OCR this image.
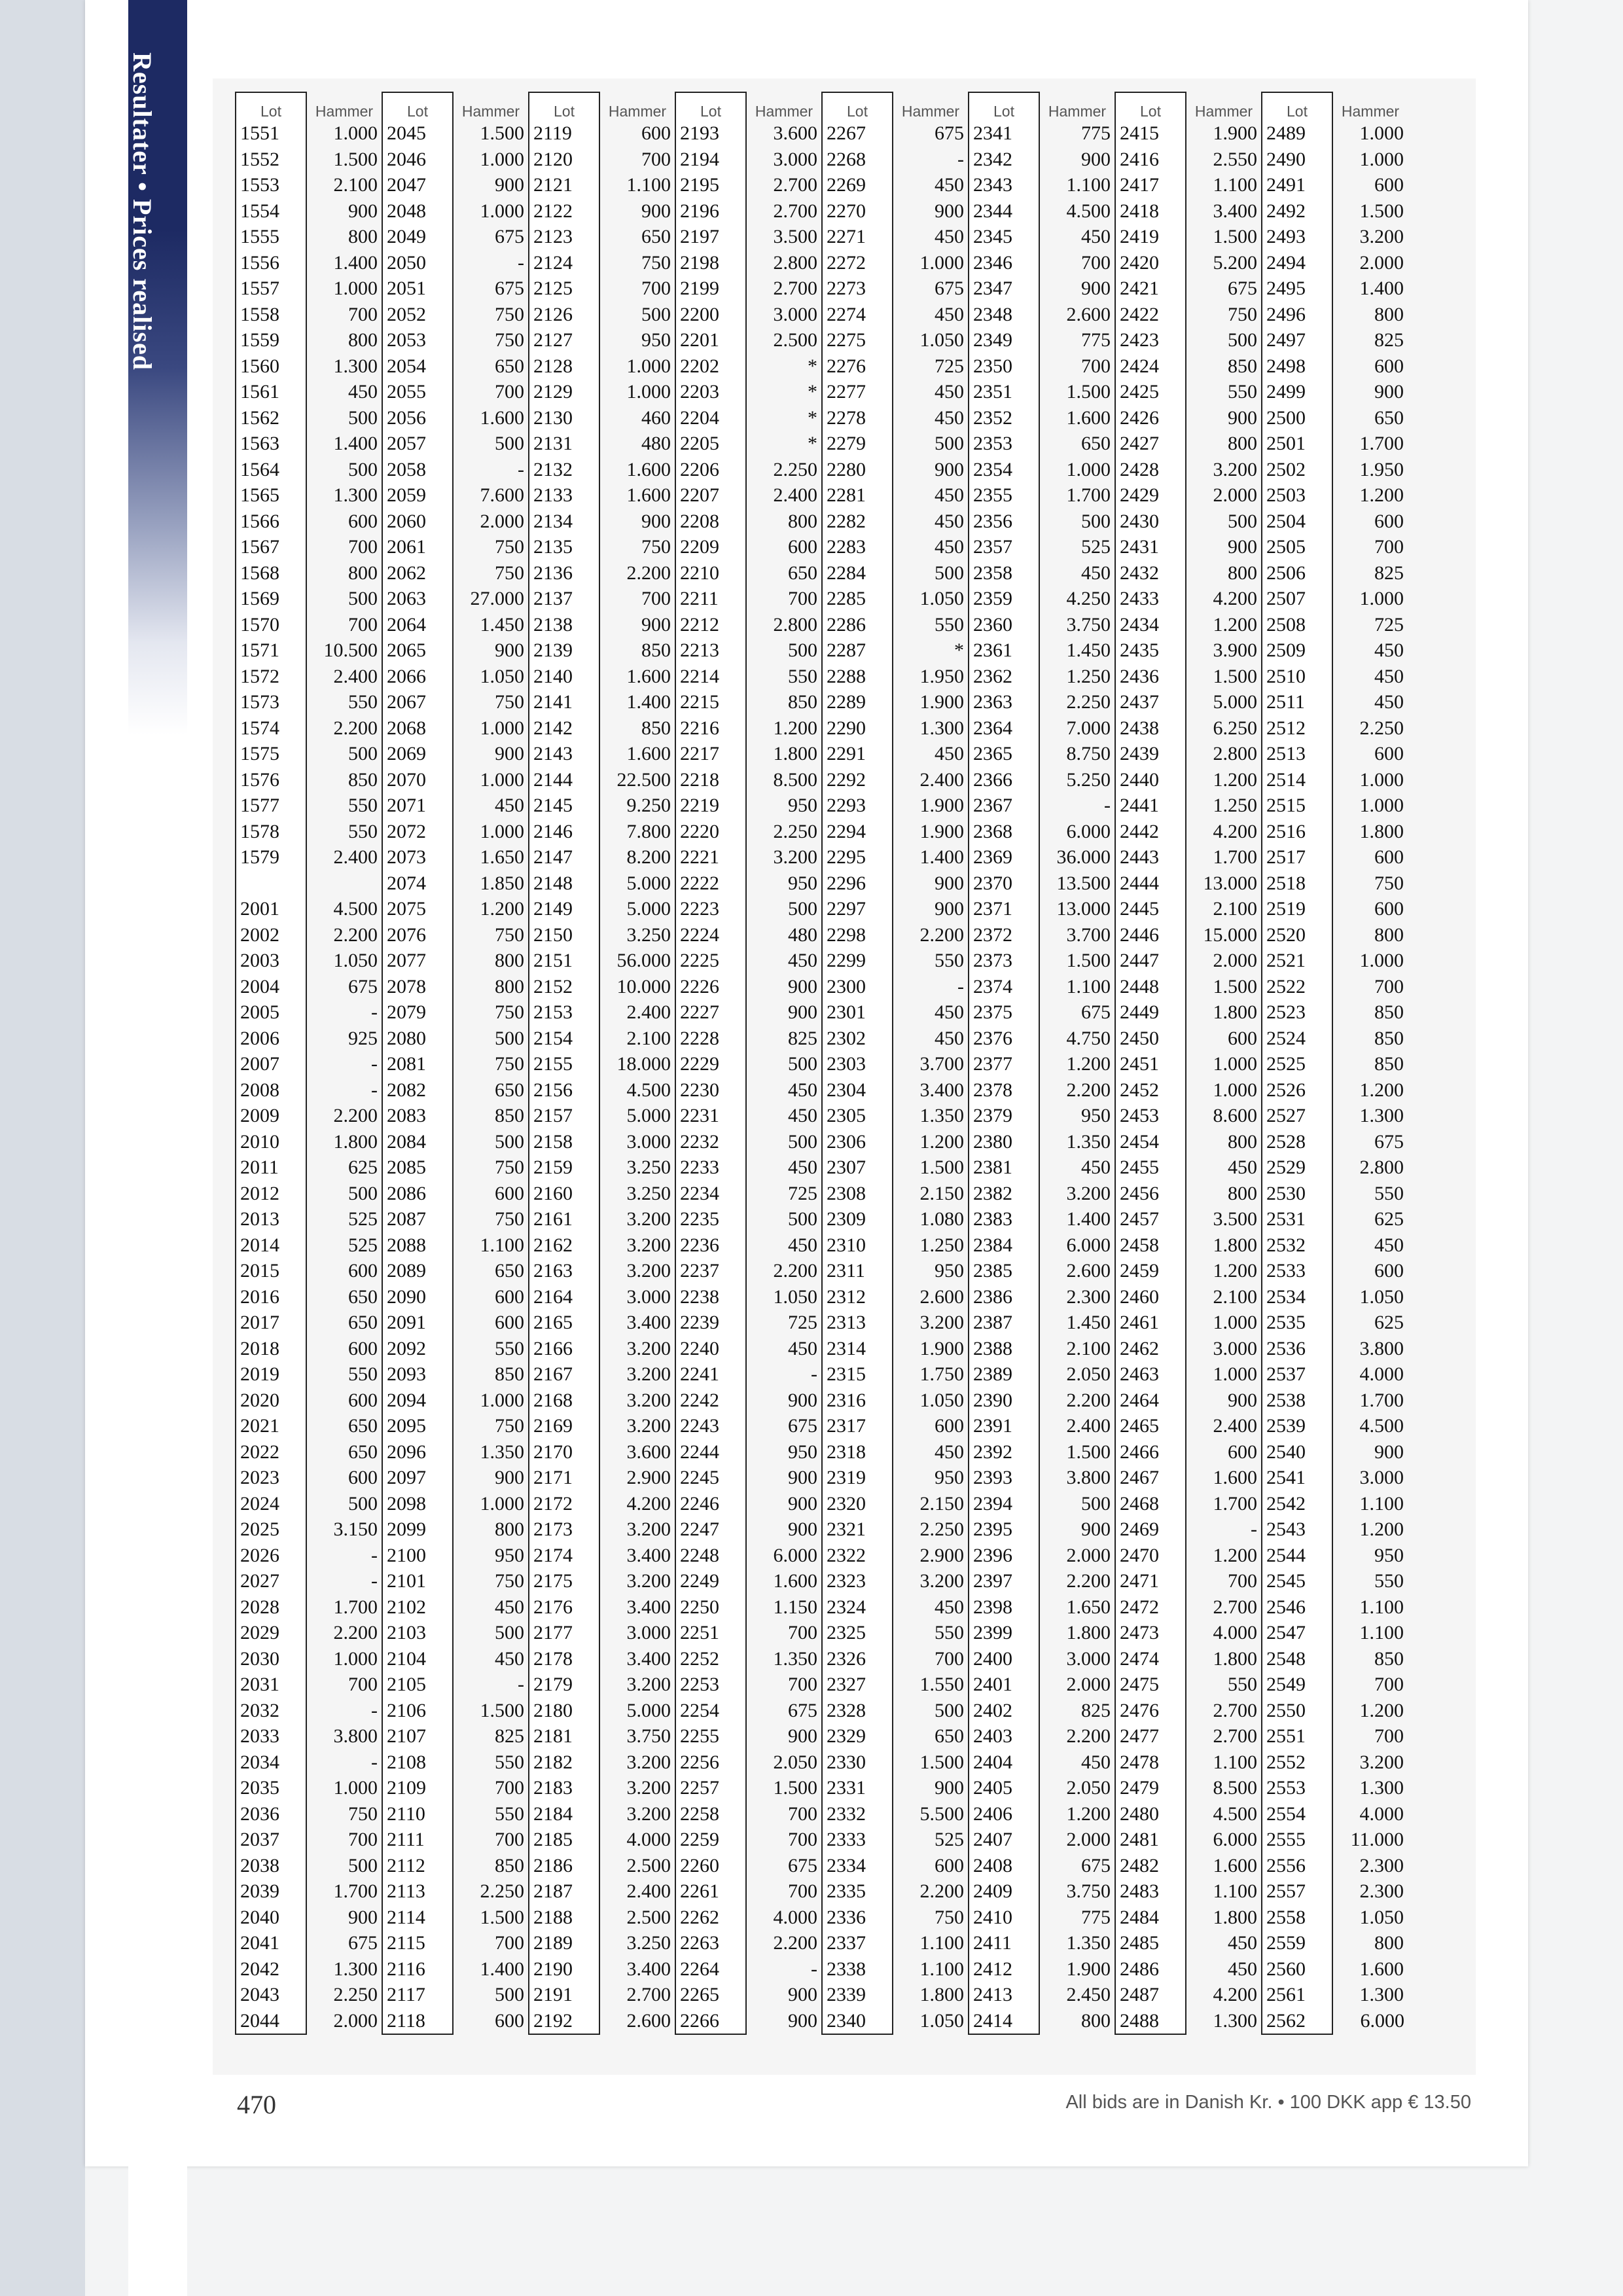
Resultater • Prices realised	Lot	Hammer	Lot	Hammer	Lot	Hammer	Lot	Hammer	Lot	Hammer	Lot	Hammer	Lot	Hammer	Lot	Hammer
1551	1.000	2045	1.500	2119	600	2193	3.600	2267	675	2341	775	2415	1.900	2489	1.000
1552	1.500	2046	1.000	2120	700	2194	3.000	2268	-	2342	900	2416	2.550	2490	1.000
1553	2.100	2047	900	2121	1.100	2195	2.700	2269	450	2343	1.100	2417	1.100	2491	600
1554	900	2048	1.000	2122	900	2196	2.700	2270	900	2344	4.500	2418	3.400	2492	1.500
1555	800	2049	675	2123	650	2197	3.500	2271	450	2345	450	2419	1.500	2493	3.200
1556	1.400	2050	-	2124	750	2198	2.800	2272	1.000	2346	700	2420	5.200	2494	2.000
1557	1.000	2051	675	2125	700	2199	2.700	2273	675	2347	900	2421	675	2495	1.400
1558	700	2052	750	2126	500	2200	3.000	2274	450	2348	2.600	2422	750	2496	800
1559	800	2053	750	2127	950	2201	2.500	2275	1.050	2349	775	2423	500	2497	825
1560	1.300	2054	650	2128	1.000	2202	*	2276	725	2350	700	2424	850	2498	600
1561	450	2055	700	2129	1.000	2203	*	2277	450	2351	1.500	2425	550	2499	900
1562	500	2056	1.600	2130	460	2204	*	2278	450	2352	1.600	2426	900	2500	650
1563	1.400	2057	500	2131	480	2205	*	2279	500	2353	650	2427	800	2501	1.700
1564	500	2058	-	2132	1.600	2206	2.250	2280	900	2354	1.000	2428	3.200	2502	1.950
1565	1.300	2059	7.600	2133	1.600	2207	2.400	2281	450	2355	1.700	2429	2.000	2503	1.200
1566	600	2060	2.000	2134	900	2208	800	2282	450	2356	500	2430	500	2504	600
1567	700	2061	750	2135	750	2209	600	2283	450	2357	525	2431	900	2505	700
1568	800	2062	750	2136	2.200	2210	650	2284	500	2358	450	2432	800	2506	825
1569	500	2063	27.000	2137	700	2211	700	2285	1.050	2359	4.250	2433	4.200	2507	1.000
1570	700	2064	1.450	2138	900	2212	2.800	2286	550	2360	3.750	2434	1.200	2508	725
1571	10.500	2065	900	2139	850	2213	500	2287	*	2361	1.450	2435	3.900	2509	450
1572	2.400	2066	1.050	2140	1.600	2214	550	2288	1.950	2362	1.250	2436	1.500	2510	450
1573	550	2067	750	2141	1.400	2215	850	2289	1.900	2363	2.250	2437	5.000	2511	450
1574	2.200	2068	1.000	2142	850	2216	1.200	2290	1.300	2364	7.000	2438	6.250	2512	2.250
1575	500	2069	900	2143	1.600	2217	1.800	2291	450	2365	8.750	2439	2.800	2513	600
1576	850	2070	1.000	2144	22.500	2218	8.500	2292	2.400	2366	5.250	2440	1.200	2514	1.000
1577	550	2071	450	2145	9.250	2219	950	2293	1.900	2367	-	2441	1.250	2515	1.000
1578	550	2072	1.000	2146	7.800	2220	2.250	2294	1.900	2368	6.000	2442	4.200	2516	1.800
1579	2.400	2073	1.650	2147	8.200	2221	3.200	2295	1.400	2369	36.000	2443	1.700	2517	600
		2074	1.850	2148	5.000	2222	950	2296	900	2370	13.500	2444	13.000	2518	750
2001	4.500	2075	1.200	2149	5.000	2223	500	2297	900	2371	13.000	2445	2.100	2519	600
2002	2.200	2076	750	2150	3.250	2224	480	2298	2.200	2372	3.700	2446	15.000	2520	800
2003	1.050	2077	800	2151	56.000	2225	450	2299	550	2373	1.500	2447	2.000	2521	1.000
2004	675	2078	800	2152	10.000	2226	900	2300	-	2374	1.100	2448	1.500	2522	700
2005	-	2079	750	2153	2.400	2227	900	2301	450	2375	675	2449	1.800	2523	850
2006	925	2080	500	2154	2.100	2228	825	2302	450	2376	4.750	2450	600	2524	850
2007	-	2081	750	2155	18.000	2229	500	2303	3.700	2377	1.200	2451	1.000	2525	850
2008	-	2082	650	2156	4.500	2230	450	2304	3.400	2378	2.200	2452	1.000	2526	1.200
2009	2.200	2083	850	2157	5.000	2231	450	2305	1.350	2379	950	2453	8.600	2527	1.300
2010	1.800	2084	500	2158	3.000	2232	500	2306	1.200	2380	1.350	2454	800	2528	675
2011	625	2085	750	2159	3.250	2233	450	2307	1.500	2381	450	2455	450	2529	2.800
2012	500	2086	600	2160	3.250	2234	725	2308	2.150	2382	3.200	2456	800	2530	550
2013	525	2087	750	2161	3.200	2235	500	2309	1.080	2383	1.400	2457	3.500	2531	625
2014	525	2088	1.100	2162	3.200	2236	450	2310	1.250	2384	6.000	2458	1.800	2532	450
2015	600	2089	650	2163	3.200	2237	2.200	2311	950	2385	2.600	2459	1.200	2533	600
2016	650	2090	600	2164	3.000	2238	1.050	2312	2.600	2386	2.300	2460	2.100	2534	1.050
2017	650	2091	600	2165	3.400	2239	725	2313	3.200	2387	1.450	2461	1.000	2535	625
2018	600	2092	550	2166	3.200	2240	450	2314	1.900	2388	2.100	2462	3.000	2536	3.800
2019	550	2093	850	2167	3.200	2241	-	2315	1.750	2389	2.050	2463	1.000	2537	4.000
2020	600	2094	1.000	2168	3.200	2242	900	2316	1.050	2390	2.200	2464	900	2538	1.700
2021	650	2095	750	2169	3.200	2243	675	2317	600	2391	2.400	2465	2.400	2539	4.500
2022	650	2096	1.350	2170	3.600	2244	950	2318	450	2392	1.500	2466	600	2540	900
2023	600	2097	900	2171	2.900	2245	900	2319	950	2393	3.800	2467	1.600	2541	3.000
2024	500	2098	1.000	2172	4.200	2246	900	2320	2.150	2394	500	2468	1.700	2542	1.100
2025	3.150	2099	800	2173	3.200	2247	900	2321	2.250	2395	900	2469	-	2543	1.200
2026	-	2100	950	2174	3.400	2248	6.000	2322	2.900	2396	2.000	2470	1.200	2544	950
2027	-	2101	750	2175	3.200	2249	1.600	2323	3.200	2397	2.200	2471	700	2545	550
2028	1.700	2102	450	2176	3.400	2250	1.150	2324	450	2398	1.650	2472	2.700	2546	1.100
2029	2.200	2103	500	2177	3.000	2251	700	2325	550	2399	1.800	2473	4.000	2547	1.100
2030	1.000	2104	450	2178	3.400	2252	1.350	2326	700	2400	3.000	2474	1.800	2548	850
2031	700	2105	-	2179	3.200	2253	700	2327	1.550	2401	2.000	2475	550	2549	700
2032	-	2106	1.500	2180	5.000	2254	675	2328	500	2402	825	2476	2.700	2550	1.200
2033	3.800	2107	825	2181	3.750	2255	900	2329	650	2403	2.200	2477	2.700	2551	700
2034	-	2108	550	2182	3.200	2256	2.050	2330	1.500	2404	450	2478	1.100	2552	3.200
2035	1.000	2109	700	2183	3.200	2257	1.500	2331	900	2405	2.050	2479	8.500	2553	1.300
2036	750	2110	550	2184	3.200	2258	700	2332	5.500	2406	1.200	2480	4.500	2554	4.000
2037	700	2111	700	2185	4.000	2259	700	2333	525	2407	2.000	2481	6.000	2555	11.000
2038	500	2112	850	2186	2.500	2260	675	2334	600	2408	675	2482	1.600	2556	2.300
2039	1.700	2113	2.250	2187	2.400	2261	700	2335	2.200	2409	3.750	2483	1.100	2557	2.300
2040	900	2114	1.500	2188	2.500	2262	4.000	2336	750	2410	775	2484	1.800	2558	1.050
2041	675	2115	700	2189	3.250	2263	2.200	2337	1.100	2411	1.350	2485	450	2559	800
2042	1.300	2116	1.400	2190	3.400	2264	-	2338	1.100	2412	1.900	2486	450	2560	1.600
2043	2.250	2117	500	2191	2.700	2265	900	2339	1.800	2413	2.450	2487	4.200	2561	1.300
2044	2.000	2118	600	2192	2.600	2266	900	2340	1.050	2414	800	2488	1.300	2562	6.000
470	All bids are in Danish Kr. • 100 DKK app € 13.50
